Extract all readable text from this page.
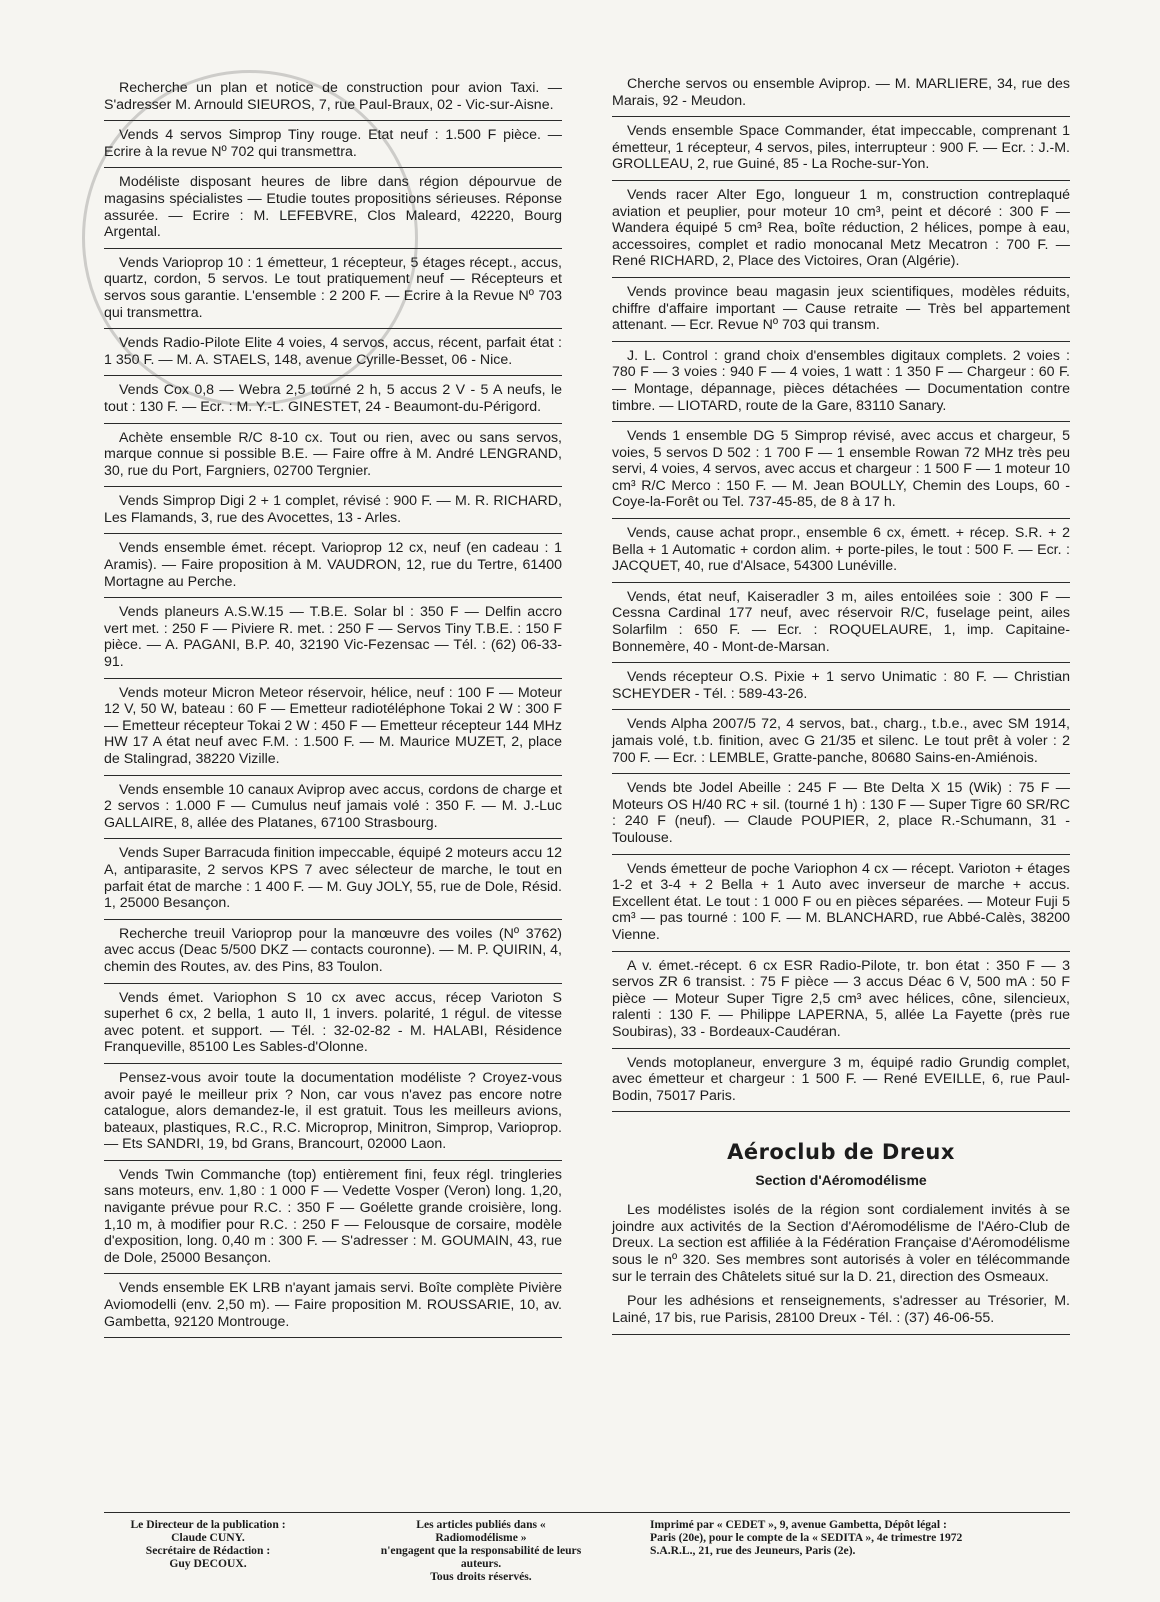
Recherche un plan et notice de construction pour avion Taxi. — S'adresser M. Arnould SIEUROS, 7, rue Paul-Braux, 02 - Vic-sur-Aisne.

Vends 4 servos Simprop Tiny rouge. Etat neuf : 1.500 F pièce. — Ecrire à la revue Nº 702 qui transmettra.

Modéliste disposant heures de libre dans région dépourvue de magasins spécialistes — Etudie toutes propositions sérieuses. Réponse assurée. — Ecrire : M. LEFEBVRE, Clos Maleard, 42220, Bourg Argental.

Vends Varioprop 10 : 1 émetteur, 1 récepteur, 5 étages récept., accus, quartz, cordon, 5 servos. Le tout pratiquement neuf — Récepteurs et servos sous garantie. L'ensemble : 2 200 F. — Ecrire à la Revue Nº 703 qui transmettra.

Vends Radio-Pilote Elite 4 voies, 4 servos, accus, récent, parfait état : 1 350 F. — M. A. STAELS, 148, avenue Cyrille-Besset, 06 - Nice.

Vends Cox 0,8 — Webra 2,5 tourné 2 h, 5 accus 2 V - 5 A neufs, le tout : 130 F. — Ecr. : M. Y.-L. GINESTET, 24 - Beaumont-du-Périgord.

Achète ensemble R/C 8-10 cx. Tout ou rien, avec ou sans servos, marque connue si possible B.E. — Faire offre à M. André LENGRAND, 30, rue du Port, Fargniers, 02700 Tergnier.

Vends Simprop Digi 2 + 1 complet, révisé : 900 F. — M. R. RICHARD, Les Flamands, 3, rue des Avocettes, 13 - Arles.

Vends ensemble émet. récept. Varioprop 12 cx, neuf (en cadeau : 1 Aramis). — Faire proposition à M. VAUDRON, 12, rue du Tertre, 61400 Mortagne au Perche.

Vends planeurs A.S.W.15 — T.B.E. Solar bl : 350 F — Delfin accro vert met. : 250 F — Piviere R. met. : 250 F — Servos Tiny T.B.E. : 150 F pièce. — A. PAGANI, B.P. 40, 32190 Vic-Fezensac — Tél. : (62) 06-33-91.

Vends moteur Micron Meteor réservoir, hélice, neuf : 100 F — Moteur 12 V, 50 W, bateau : 60 F — Emetteur radiotéléphone Tokai 2 W : 300 F — Emetteur récepteur Tokai 2 W : 450 F — Emetteur récepteur 144 MHz HW 17 A état neuf avec F.M. : 1.500 F. — M. Maurice MUZET, 2, place de Stalingrad, 38220 Vizille.

Vends ensemble 10 canaux Aviprop avec accus, cordons de charge et 2 servos : 1.000 F — Cumulus neuf jamais volé : 350 F. — M. J.-Luc GALLAIRE, 8, allée des Platanes, 67100 Strasbourg.

Vends Super Barracuda finition impeccable, équipé 2 moteurs accu 12 A, antiparasite, 2 servos KPS 7 avec sélecteur de marche, le tout en parfait état de marche : 1 400 F. — M. Guy JOLY, 55, rue de Dole, Résid. 1, 25000 Besançon.

Recherche treuil Varioprop pour la manœuvre des voiles (Nº 3762) avec accus (Deac 5/500 DKZ — contacts couronne). — M. P. QUIRIN, 4, chemin des Routes, av. des Pins, 83 Toulon.

Vends émet. Variophon S 10 cx avec accus, récep Varioton S superhet 6 cx, 2 bella, 1 auto II, 1 invers. polarité, 1 régul. de vitesse avec potent. et support. — Tél. : 32-02-82 - M. HALABI, Résidence Franqueville, 85100 Les Sables-d'Olonne.

Pensez-vous avoir toute la documentation modéliste ? Croyez-vous avoir payé le meilleur prix ? Non, car vous n'avez pas encore notre catalogue, alors demandez-le, il est gratuit. Tous les meilleurs avions, bateaux, plastiques, R.C., R.C. Microprop, Minitron, Simprop, Varioprop. — Ets SANDRI, 19, bd Grans, Brancourt, 02000 Laon.

Vends Twin Commanche (top) entièrement fini, feux régl. tringleries sans moteurs, env. 1,80 : 1 000 F — Vedette Vosper (Veron) long. 1,20, navigante prévue pour R.C. : 350 F — Goélette grande croisière, long. 1,10 m, à modifier pour R.C. : 250 F — Felousque de corsaire, modèle d'exposition, long. 0,40 m : 300 F. — S'adresser : M. GOUMAIN, 43, rue de Dole, 25000 Besançon.

Vends ensemble EK LRB n'ayant jamais servi. Boîte complète Pivière Aviomodelli (env. 2,50 m). — Faire proposition M. ROUSSARIE, 10, av. Gambetta, 92120 Montrouge.

Cherche servos ou ensemble Aviprop. — M. MARLIERE, 34, rue des Marais, 92 - Meudon.

Vends ensemble Space Commander, état impeccable, comprenant 1 émetteur, 1 récepteur, 4 servos, piles, interrupteur : 900 F. — Ecr. : J.-M. GROLLEAU, 2, rue Guiné, 85 - La Roche-sur-Yon.

Vends racer Alter Ego, longueur 1 m, construction contreplaqué aviation et peuplier, pour moteur 10 cm³, peint et décoré : 300 F — Wandera équipé 5 cm³ Rea, boîte réduction, 2 hélices, pompe à eau, accessoires, complet et radio monocanal Metz Mecatron : 700 F. — René RICHARD, 2, Place des Victoires, Oran (Algérie).

Vends province beau magasin jeux scientifiques, modèles réduits, chiffre d'affaire important — Cause retraite — Très bel appartement attenant. — Ecr. Revue Nº 703 qui transm.

J. L. Control : grand choix d'ensembles digitaux complets. 2 voies : 780 F — 3 voies : 940 F — 4 voies, 1 watt : 1 350 F — Chargeur : 60 F. — Montage, dépannage, pièces détachées — Documentation contre timbre. — LIOTARD, route de la Gare, 83110 Sanary.

Vends 1 ensemble DG 5 Simprop révisé, avec accus et chargeur, 5 voies, 5 servos D 502 : 1 700 F — 1 ensemble Rowan 72 MHz très peu servi, 4 voies, 4 servos, avec accus et chargeur : 1 500 F — 1 moteur 10 cm³ R/C Merco : 150 F. — M. Jean BOULLY, Chemin des Loups, 60 - Coye-la-Forêt ou Tel. 737-45-85, de 8 à 17 h.

Vends, cause achat propr., ensemble 6 cx, émett. + récep. S.R. + 2 Bella + 1 Automatic + cordon alim. + porte-piles, le tout : 500 F. — Ecr. : JACQUET, 40, rue d'Alsace, 54300 Lunéville.

Vends, état neuf, Kaiseradler 3 m, ailes entoilées soie : 300 F — Cessna Cardinal 177 neuf, avec réservoir R/C, fuselage peint, ailes Solarfilm : 650 F. — Ecr. : ROQUELAURE, 1, imp. Capitaine-Bonnemère, 40 - Mont-de-Marsan.

Vends récepteur O.S. Pixie + 1 servo Unimatic : 80 F. — Christian SCHEYDER - Tél. : 589-43-26.

Vends Alpha 2007/5 72, 4 servos, bat., charg., t.b.e., avec SM 1914, jamais volé, t.b. finition, avec G 21/35 et silenc. Le tout prêt à voler : 2 700 F. — Ecr. : LEMBLE, Gratte-panche, 80680 Sains-en-Amiénois.

Vends bte Jodel Abeille : 245 F — Bte Delta X 15 (Wik) : 75 F — Moteurs OS H/40 RC + sil. (tourné 1 h) : 130 F — Super Tigre 60 SR/RC : 240 F (neuf). — Claude POUPIER, 2, place R.-Schumann, 31 - Toulouse.

Vends émetteur de poche Variophon 4 cx — récept. Varioton + étages 1-2 et 3-4 + 2 Bella + 1 Auto avec inverseur de marche + accus. Excellent état. Le tout : 1 000 F ou en pièces séparées. — Moteur Fuji 5 cm³ — pas tourné : 100 F. — M. BLANCHARD, rue Abbé-Calès, 38200 Vienne.

A v. émet.-récept. 6 cx ESR Radio-Pilote, tr. bon état : 350 F — 3 servos ZR 6 transist. : 75 F pièce — 3 accus Déac 6 V, 500 mA : 50 F pièce — Moteur Super Tigre 2,5 cm³ avec hélices, cône, silencieux, ralenti : 130 F. — Philippe LAPERNA, 5, allée La Fayette (près rue Soubiras), 33 - Bordeaux-Caudéran.

Vends motoplaneur, envergure 3 m, équipé radio Grundig complet, avec émetteur et chargeur : 1 500 F. — René EVEILLE, 6, rue Paul-Bodin, 75017 Paris.

Aéroclub de Dreux
Section d'Aéromodélisme

Les modélistes isolés de la région sont cordialement invités à se joindre aux activités de la Section d'Aéromodélisme de l'Aéro-Club de Dreux. La section est affiliée à la Fédération Française d'Aéromodélisme sous le nº 320. Ses membres sont autorisés à voler en télécommande sur le terrain des Châtelets situé sur la D. 21, direction des Osmeaux.

Pour les adhésions et renseignements, s'adresser au Trésorier, M. Lainé, 17 bis, rue Parisis, 28100 Dreux - Tél. : (37) 46-06-55.

Le Directeur de la publication :
Claude CUNY.
Secrétaire de Rédaction :
Guy DECOUX.
Les articles publiés dans « Radiomodélisme »
n'engagent que la responsabilité de leurs
auteurs.
Tous droits réservés.
Imprimé par « CEDET », 9, avenue Gambetta, Dépôt légal :
Paris (20e), pour le compte de la « SEDITA », 4e trimestre 1972
S.A.R.L., 21, rue des Jeuneurs, Paris (2e).
